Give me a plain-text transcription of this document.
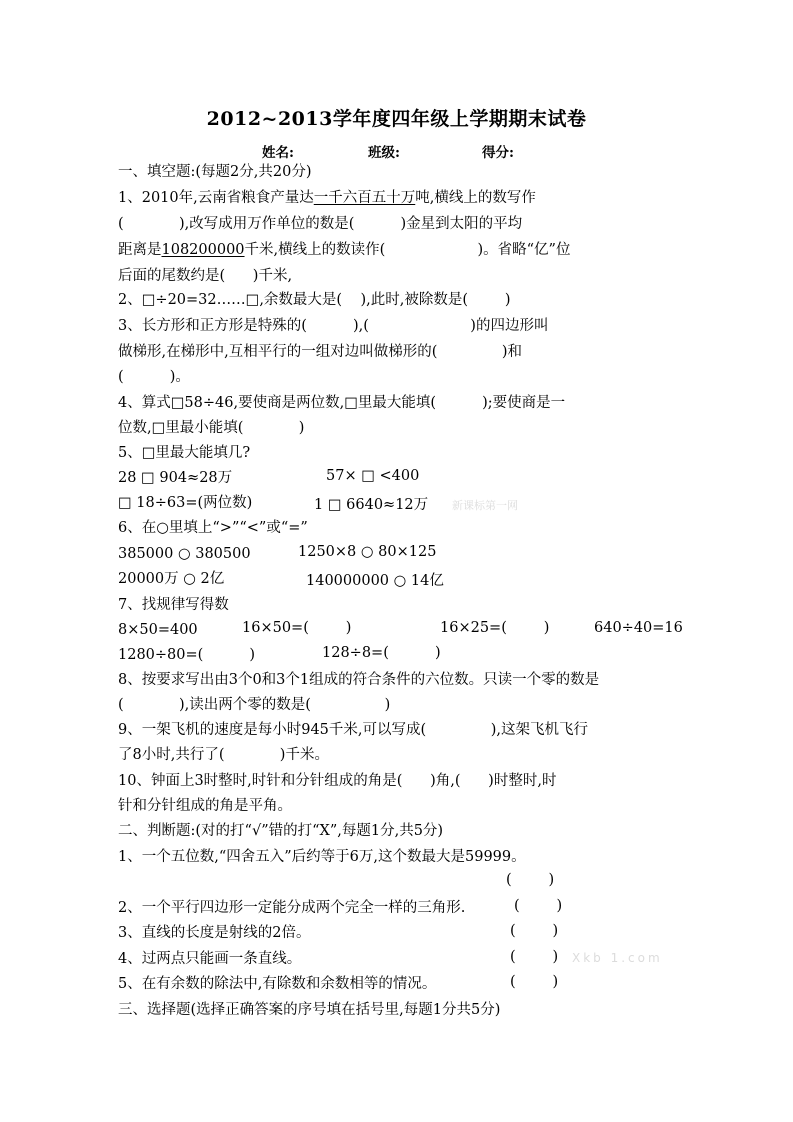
2012~2013学年度四年级上学期期末试卷
姓名:	班级:	得分:
一、填空题:(每题2分,共20分)
1、2010年,云南省粮食产量达一千六百五十万吨,横线上的数写作
(            ),改写成用万作单位的数是(          )金星到太阳的平均
距离是108200000千米,横线上的数读作(                    )。省略“亿”位
后面的尾数约是(      )千米,
2、□÷20=32……□,余数最大是(    ),此时,被除数是(        )
3、长方形和正方形是特殊的(          ),(                      )的四边形叫
做梯形,在梯形中,互相平行的一组对边叫做梯形的(              )和
(          )。
4、算式□58÷46,要使商是两位数,□里最大能填(          );要使商是一
位数,□里最小能填(            )
5、□里最大能填几?
28 □ 904≈28万	57× □ <400
□ 18÷63=(两位数)	1 □ 6640≈12万
6、在○里填上“>”“<”或“=”
385000 ○ 380500	1250×8 ○ 80×125
20000万 ○ 2亿	140000000 ○ 14亿
7、找规律写得数
8×50=400	16×50=(        )	16×25=(        )	640÷40=16
1280÷80=(          )	128÷8=(          )
8、按要求写出由3个0和3个1组成的符合条件的六位数。只读一个零的数是
(            ),读出两个零的数是(                )
9、一架飞机的速度是每小时945千米,可以写成(              ),这架飞机飞行
了8小时,共行了(            )千米。
10、钟面上3时整时,时针和分针组成的角是(      )角,(      )时整时,时
针和分针组成的角是平角。
二、判断题:(对的打“√”错的打“X”,每题1分,共5分)
1、一个五位数,“四舍五入”后约等于6万,这个数最大是59999。
(        )
2、一个平行四边形一定能分成两个完全一样的三角形.	(        )
3、直线的长度是射线的2倍。	(        )
4、过两点只能画一条直线。	(        )
5、在有余数的除法中,有除数和余数相等的情况。	(        )
三、选择题(选择正确答案的序号填在括号里,每题1分共5分)
新课标第一网
Xkb 1.com
